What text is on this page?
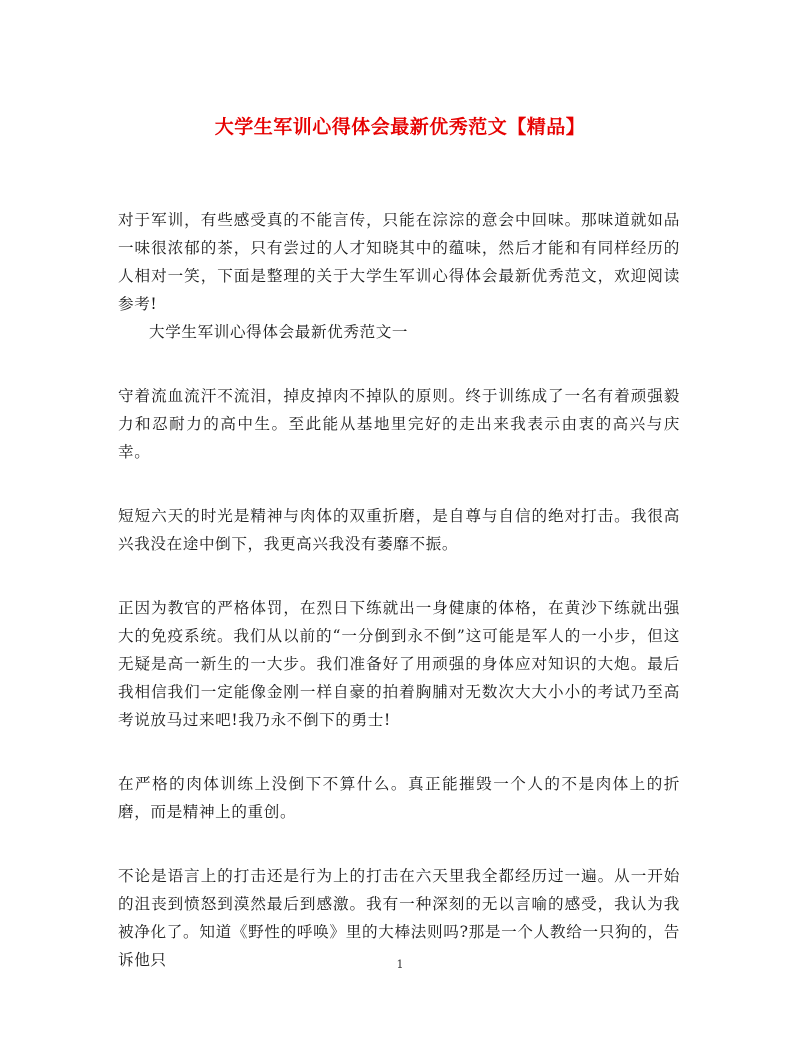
大学生军训心得体会最新优秀范文【精品】

对于军训，有些感受真的不能言传，只能在淙淙的意会中回味。那味道就如品一味很浓郁的茶，只有尝过的人才知晓其中的蕴味，然后才能和有同样经历的人相对一笑，下面是整理的关于大学生军训心得体会最新优秀范文，欢迎阅读参考!

大学生军训心得体会最新优秀范文一

守着流血流汗不流泪，掉皮掉肉不掉队的原则。终于训练成了一名有着顽强毅力和忍耐力的高中生。至此能从基地里完好的走出来我表示由衷的高兴与庆幸。

短短六天的时光是精神与肉体的双重折磨，是自尊与自信的绝对打击。我很高兴我没在途中倒下，我更高兴我没有萎靡不振。

正因为教官的严格体罚，在烈日下练就出一身健康的体格，在黄沙下练就出强大的免疫系统。我们从以前的“一分倒到永不倒”这可能是军人的一小步，但这无疑是高一新生的一大步。我们准备好了用顽强的身体应对知识的大炮。最后我相信我们一定能像金刚一样自豪的拍着胸脯对无数次大大小小的考试乃至高考说放马过来吧!我乃永不倒下的勇士!

在严格的肉体训练上没倒下不算什么。真正能摧毁一个人的不是肉体上的折磨，而是精神上的重创。

不论是语言上的打击还是行为上的打击在六天里我全都经历过一遍。从一开始的沮丧到愤怒到漠然最后到感激。我有一种深刻的无以言喻的感受，我认为我被净化了。知道《野性的呼唤》里的大棒法则吗?那是一个人教给一只狗的，告诉他只	1
